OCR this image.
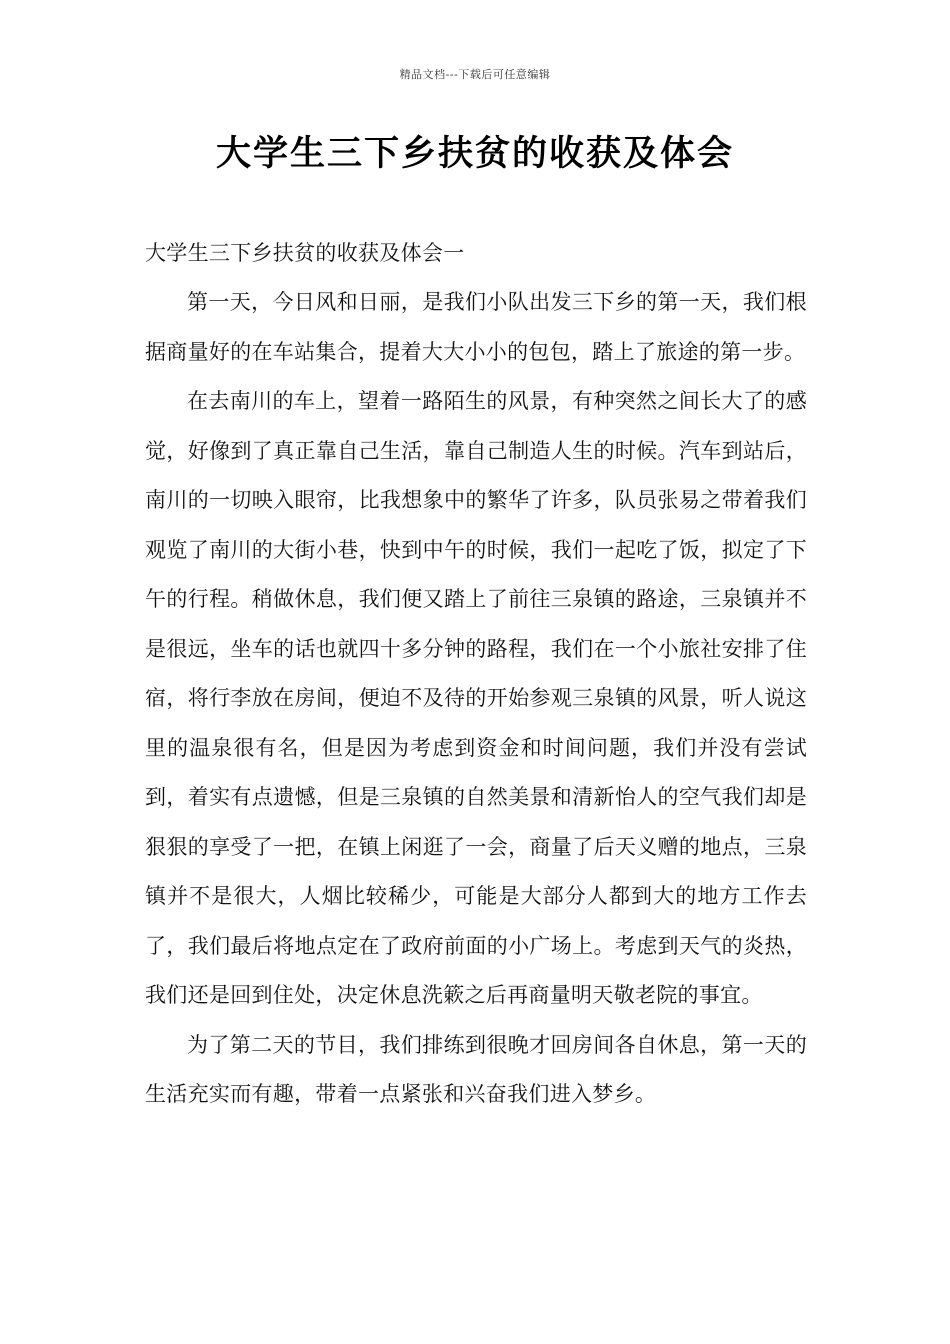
精品文档---下载后可任意编辑
大学生三下乡扶贫的收获及体会

大学生三下乡扶贫的收获及体会一

第一天，今日风和日丽，是我们小队出发三下乡的第一天，我们根据商量好的在车站集合，提着大大小小的包包，踏上了旅途的第一步。

在去南川的车上，望着一路陌生的风景，有种突然之间长大了的感觉，好像到了真正靠自己生活，靠自己制造人生的时候。汽车到站后，南川的一切映入眼帘，比我想象中的繁华了许多，队员张易之带着我们观览了南川的大街小巷，快到中午的时候，我们一起吃了饭，拟定了下午的行程。稍做休息，我们便又踏上了前往三泉镇的路途，三泉镇并不是很远，坐车的话也就四十多分钟的路程，我们在一个小旅社安排了住宿，将行李放在房间，便迫不及待的开始参观三泉镇的风景，听人说这里的温泉很有名，但是因为考虑到资金和时间问题，我们并没有尝试到，着实有点遗憾，但是三泉镇的自然美景和清新怡人的空气我们却是狠狠的享受了一把，在镇上闲逛了一会，商量了后天义赠的地点，三泉镇并不是很大，人烟比较稀少，可能是大部分人都到大的地方工作去了，我们最后将地点定在了政府前面的小广场上。考虑到天气的炎热，我们还是回到住处，决定休息洗簌之后再商量明天敬老院的事宜。

为了第二天的节目，我们排练到很晚才回房间各自休息，第一天的生活充实而有趣，带着一点紧张和兴奋我们进入梦乡。
